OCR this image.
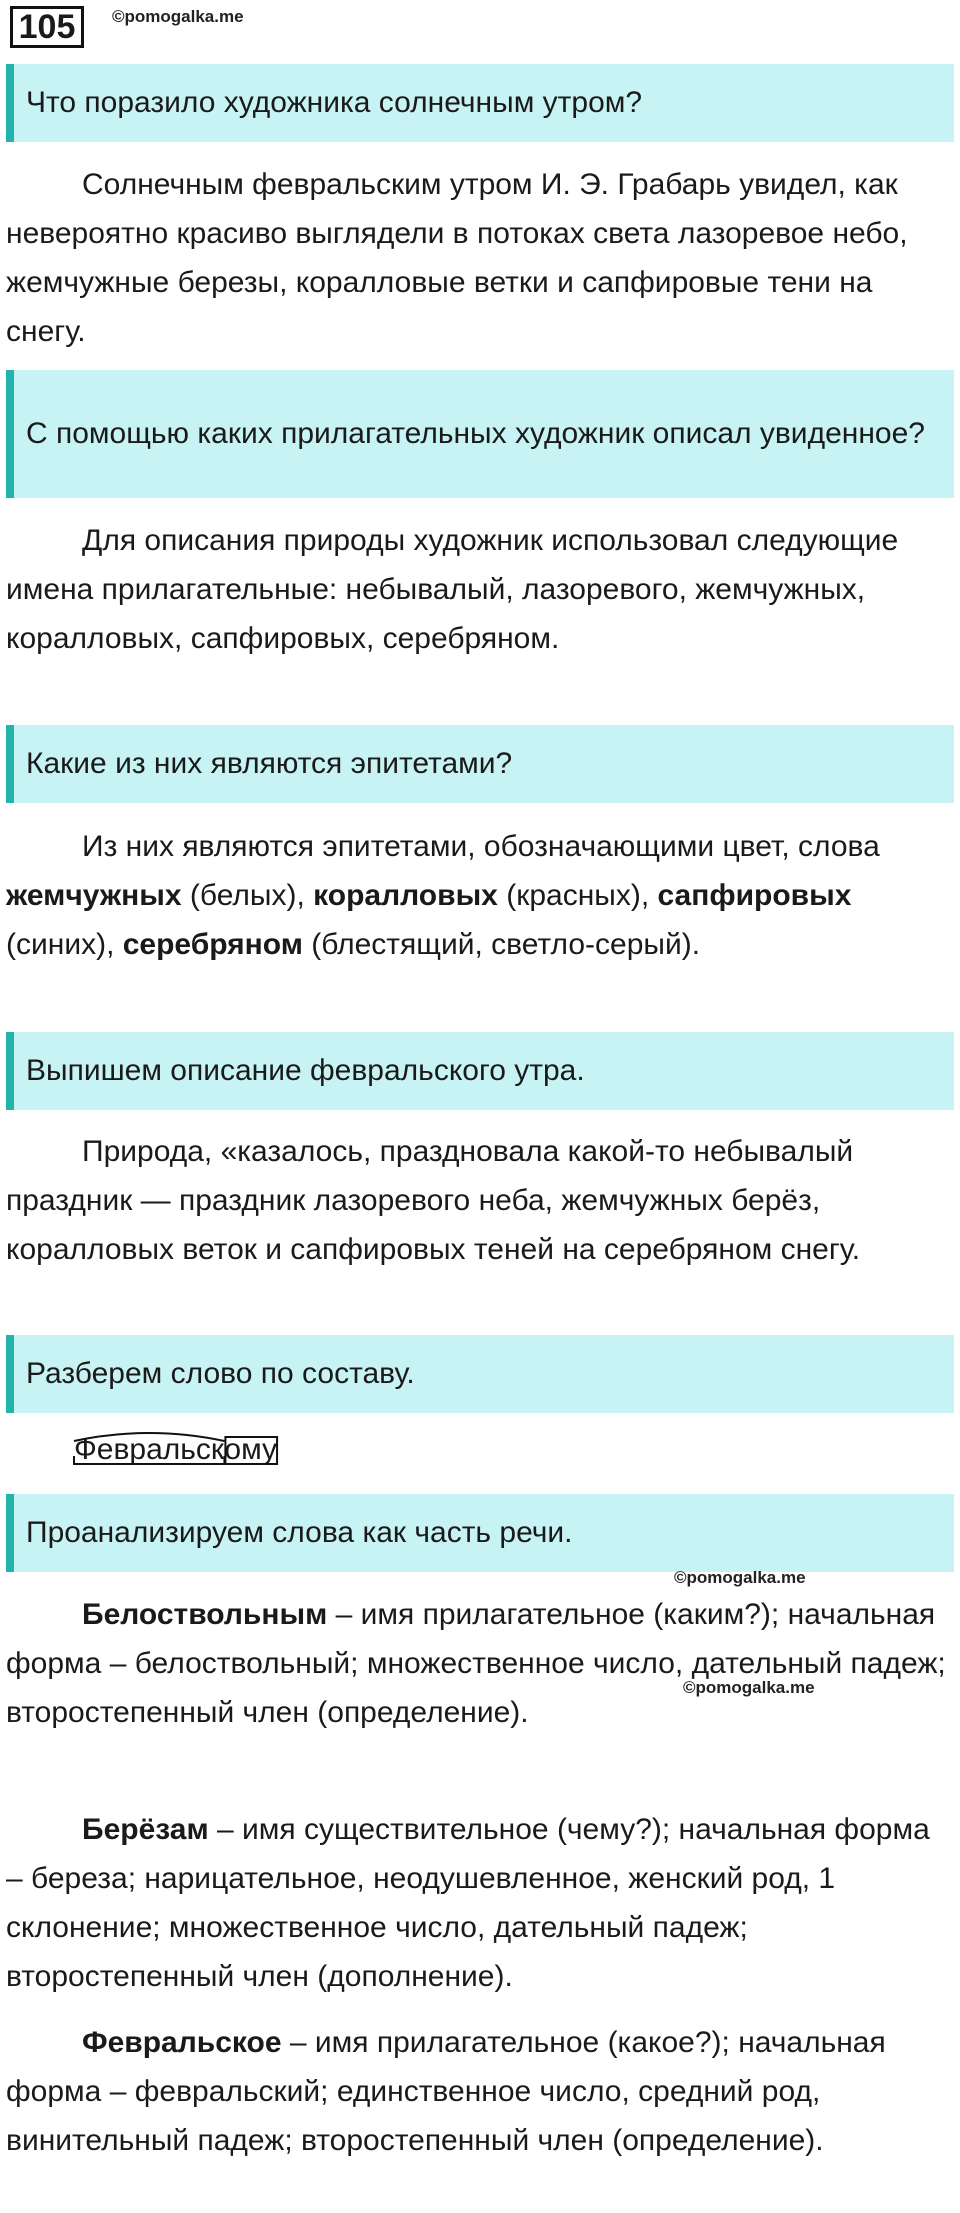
105	©pomogalka.me
Что поразило художника солнечным утром?

Солнечным февральским утром И. Э. Грабарь увидел, как невероятно красиво выглядели в потоках света лазоревое небо, жемчужные березы, коралловые ветки и сапфировые тени на снегу.

С помощью каких прилагательных художник описал увиденное?

Для описания природы художник использовал следующие имена прилагательные: небывалый, лазоревого, жемчужных, коралловых, сапфировых, серебряном.

Какие из них являются эпитетами?

Из них являются эпитетами, обозначающими цвет, слова жемчужных (белых), коралловых (красных), сапфировых (синих), серебряном (блестящий, светло-серый).

Выпишем описание февральского утра.

Природа, «казалось, праздновала какой-то небывалый праздник — праздник лазоревого неба, жемчужных берёз, коралловых веток и сапфировых теней на серебряном снегу.

Разберем слово по составу.
Февральскому
Проанализируем слова как часть речи.
©pomogalka.me

Белоствольным – имя прилагательное (каким?); начальная форма – белоствольный; множественное число, дательный падеж; второстепенный член (определение).

©pomogalka.me

Берёзам – имя существительное (чему?); начальная форма – береза; нарицательное, неодушевленное, женский род, 1 склонение; множественное число, дательный падеж; второстепенный член (дополнение).

Февральское – имя прилагательное (какое?); начальная форма – февральский; единственное число, средний род, винительный падеж; второстепенный член (определение).
